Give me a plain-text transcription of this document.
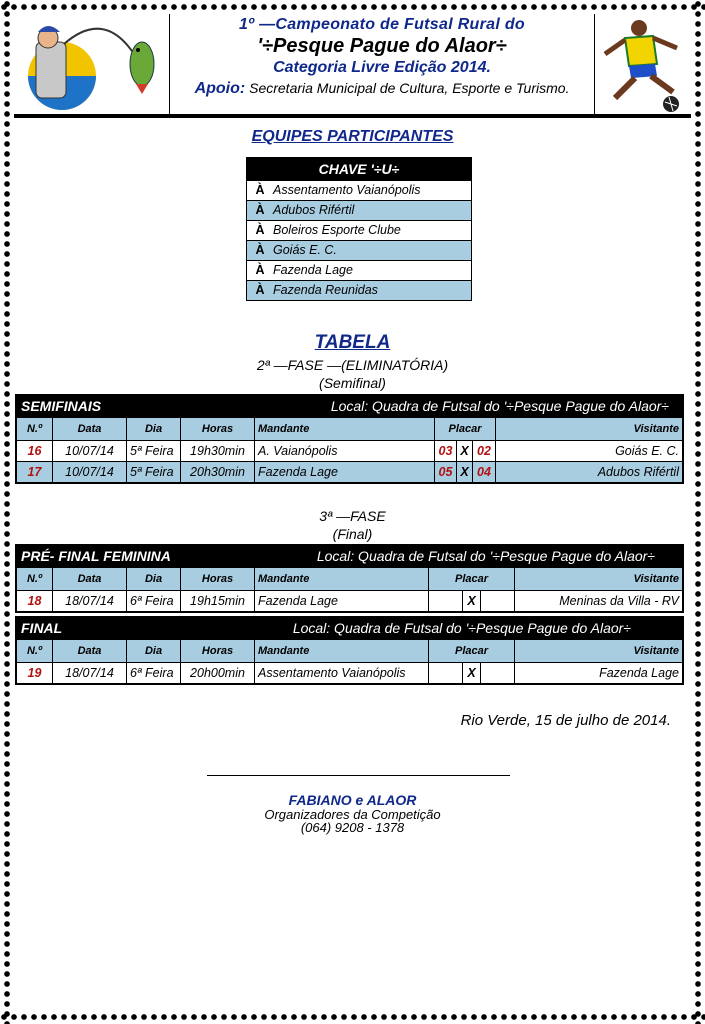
1º —Campeonato de Futsal Rural do
'÷Pesque Pague do Alaor÷
Categoria Livre Edição 2014.
Apoio: Secretaria Municipal de Cultura, Esporte e Turismo.
EQUIPES PARTICIPANTES
CHAVE '÷U÷
À Assentamento Vaianópolis
À Adubos Rifértil
À Boleiros Esporte Clube
À Goiás E. C.
À Fazenda Lage
À Fazenda Reunidas
TABELA
2ª —FASE —(ELIMINATÓRIA)
(Semifinal)
SEMIFINAIS	Local: Quadra de Futsal do '÷Pesque Pague do Alaor÷
N.º	Data	Dia	Horas	Mandante	Placar			Visitante
16	10/07/14	5ª Feira	19h30min	A. Vaianópolis	03	X	02	Goiás E. C.
17	10/07/14	5ª Feira	20h30min	Fazenda Lage	05	X	04	Adubos Rifértil
3ª —FASE
(Final)
PRÉ- FINAL FEMININA	Local: Quadra de Futsal do '÷Pesque Pague do Alaor÷
N.º	Data	Dia	Horas	Mandante	Placar			Visitante
18	18/07/14	6ª Feira	19h15min	Fazenda Lage		X		Meninas da Villa - RV
FINAL	Local: Quadra de Futsal do '÷Pesque Pague do Alaor÷
N.º	Data	Dia	Horas	Mandante	Placar			Visitante
19	18/07/14	6ª Feira	20h00min	Assentamento Vaianópolis		X		Fazenda Lage
Rio Verde, 15 de julho de 2014.
FABIANO e ALAOR
Organizadores da Competição
(064) 9208 - 1378
